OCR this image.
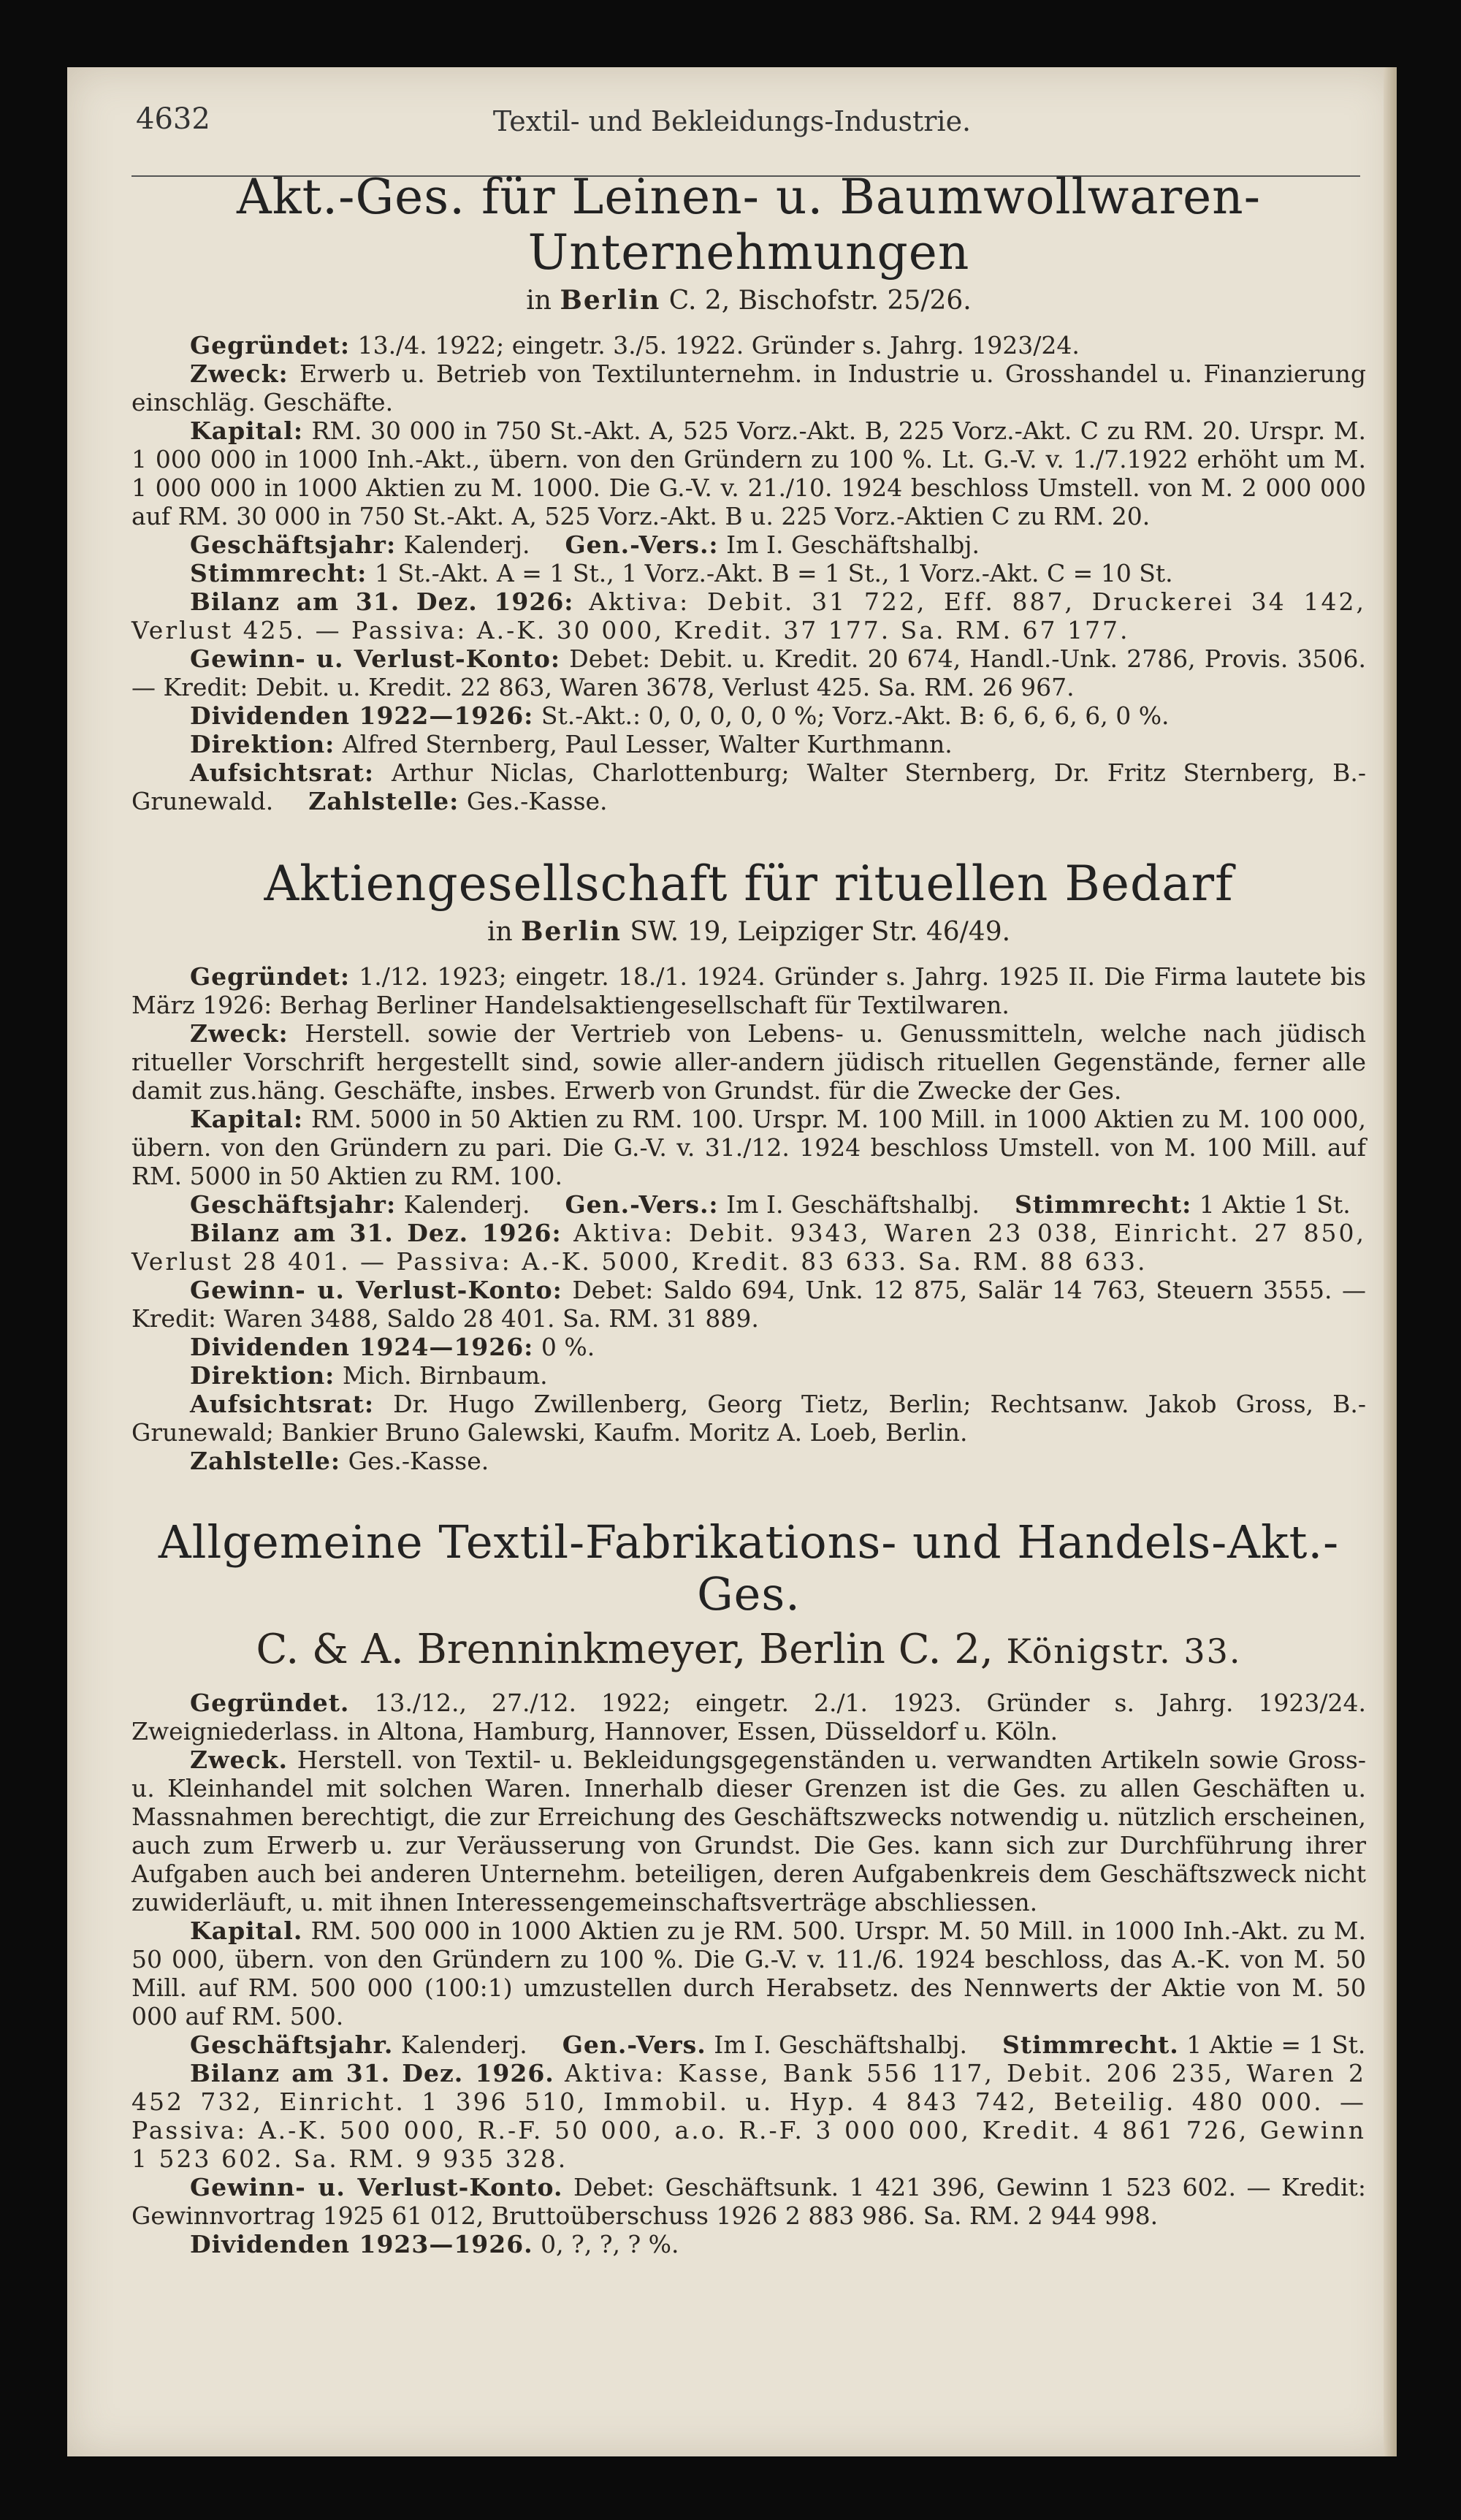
4632	Textil- und Bekleidungs-Industrie.
Akt.-Ges. für Leinen- u. Baumwollwaren-Unternehmungen
in Berlin C. 2, Bischofstr. 25/26.

Gegründet: 13./4. 1922; eingetr. 3./5. 1922. Gründer s. Jahrg. 1923/24.

Zweck: Erwerb u. Betrieb von Textilunternehm. in Industrie u. Grosshandel u. Finanzierung einschläg. Geschäfte.

Kapital: RM. 30 000 in 750 St.-Akt. A, 525 Vorz.-Akt. B, 225 Vorz.-Akt. C zu RM. 20. Urspr. M. 1 000 000 in 1000 Inh.-Akt., übern. von den Gründern zu 100 %. Lt. G.-V. v. 1./7.1922 erhöht um M. 1 000 000 in 1000 Aktien zu M. 1000. Die G.-V. v. 21./10. 1924 beschloss Umstell. von M. 2 000 000 auf RM. 30 000 in 750 St.-Akt. A, 525 Vorz.-Akt. B u. 225 Vorz.-Aktien C zu RM. 20.

Geschäftsjahr: Kalenderj. Gen.-Vers.: Im I. Geschäftshalbj.

Stimmrecht: 1 St.-Akt. A = 1 St., 1 Vorz.-Akt. B = 1 St., 1 Vorz.-Akt. C = 10 St.

Bilanz am 31. Dez. 1926: Aktiva: Debit. 31 722, Eff. 887, Druckerei 34 142, Verlust 425. — Passiva: A.-K. 30 000, Kredit. 37 177. Sa. RM. 67 177.

Gewinn- u. Verlust-Konto: Debet: Debit. u. Kredit. 20 674, Handl.-Unk. 2786, Provis. 3506. — Kredit: Debit. u. Kredit. 22 863, Waren 3678, Verlust 425. Sa. RM. 26 967.

Dividenden 1922—1926: St.-Akt.: 0, 0, 0, 0, 0 %; Vorz.-Akt. B: 6, 6, 6, 6, 0 %.

Direktion: Alfred Sternberg, Paul Lesser, Walter Kurthmann.

Aufsichtsrat: Arthur Niclas, Charlottenburg; Walter Sternberg, Dr. Fritz Sternberg, B.-Grunewald. Zahlstelle: Ges.-Kasse.

Aktiengesellschaft für rituellen Bedarf
in Berlin SW. 19, Leipziger Str. 46/49.

Gegründet: 1./12. 1923; eingetr. 18./1. 1924. Gründer s. Jahrg. 1925 II. Die Firma lautete bis März 1926: Berhag Berliner Handelsaktiengesellschaft für Textilwaren.

Zweck: Herstell. sowie der Vertrieb von Lebens- u. Genussmitteln, welche nach jüdisch ritueller Vorschrift hergestellt sind, sowie aller-andern jüdisch rituellen Gegenstände, ferner alle damit zus.häng. Geschäfte, insbes. Erwerb von Grundst. für die Zwecke der Ges.

Kapital: RM. 5000 in 50 Aktien zu RM. 100. Urspr. M. 100 Mill. in 1000 Aktien zu M. 100 000, übern. von den Gründern zu pari. Die G.-V. v. 31./12. 1924 beschloss Umstell. von M. 100 Mill. auf RM. 5000 in 50 Aktien zu RM. 100.

Geschäftsjahr: Kalenderj. Gen.-Vers.: Im I. Geschäftshalbj. Stimmrecht: 1 Aktie 1 St.

Bilanz am 31. Dez. 1926: Aktiva: Debit. 9343, Waren 23 038, Einricht. 27 850, Verlust 28 401. — Passiva: A.-K. 5000, Kredit. 83 633. Sa. RM. 88 633.

Gewinn- u. Verlust-Konto: Debet: Saldo 694, Unk. 12 875, Salär 14 763, Steuern 3555. — Kredit: Waren 3488, Saldo 28 401. Sa. RM. 31 889.

Dividenden 1924—1926: 0 %.

Direktion: Mich. Birnbaum.

Aufsichtsrat: Dr. Hugo Zwillenberg, Georg Tietz, Berlin; Rechtsanw. Jakob Gross, B.-Grunewald; Bankier Bruno Galewski, Kaufm. Moritz A. Loeb, Berlin.

Zahlstelle: Ges.-Kasse.

Allgemeine Textil-Fabrikations- und Handels-Akt.-Ges.
C. & A. Brenninkmeyer, Berlin C. 2, Königstr. 33.

Gegründet. 13./12., 27./12. 1922; eingetr. 2./1. 1923. Gründer s. Jahrg. 1923/24. Zweigniederlass. in Altona, Hamburg, Hannover, Essen, Düsseldorf u. Köln.

Zweck. Herstell. von Textil- u. Bekleidungsgegenständen u. verwandten Artikeln sowie Gross- u. Kleinhandel mit solchen Waren. Innerhalb dieser Grenzen ist die Ges. zu allen Geschäften u. Massnahmen berechtigt, die zur Erreichung des Geschäftszwecks notwendig u. nützlich erscheinen, auch zum Erwerb u. zur Veräusserung von Grundst. Die Ges. kann sich zur Durchführung ihrer Aufgaben auch bei anderen Unternehm. beteiligen, deren Aufgabenkreis dem Geschäftszweck nicht zuwiderläuft, u. mit ihnen Interessengemeinschaftsverträge abschliessen.

Kapital. RM. 500 000 in 1000 Aktien zu je RM. 500. Urspr. M. 50 Mill. in 1000 Inh.-Akt. zu M. 50 000, übern. von den Gründern zu 100 %. Die G.-V. v. 11./6. 1924 beschloss, das A.-K. von M. 50 Mill. auf RM. 500 000 (100:1) umzustellen durch Herabsetz. des Nennwerts der Aktie von M. 50 000 auf RM. 500.

Geschäftsjahr. Kalenderj. Gen.-Vers. Im I. Geschäftshalbj. Stimmrecht. 1 Aktie = 1 St.

Bilanz am 31. Dez. 1926. Aktiva: Kasse, Bank 556 117, Debit. 206 235, Waren 2 452 732, Einricht. 1 396 510, Immobil. u. Hyp. 4 843 742, Beteilig. 480 000. — Passiva: A.-K. 500 000, R.-F. 50 000, a.o. R.-F. 3 000 000, Kredit. 4 861 726, Gewinn 1 523 602. Sa. RM. 9 935 328.

Gewinn- u. Verlust-Konto. Debet: Geschäftsunk. 1 421 396, Gewinn 1 523 602. — Kredit: Gewinnvortrag 1925 61 012, Bruttoüberschuss 1926 2 883 986. Sa. RM. 2 944 998.

Dividenden 1923—1926. 0, ?, ?, ? %.
